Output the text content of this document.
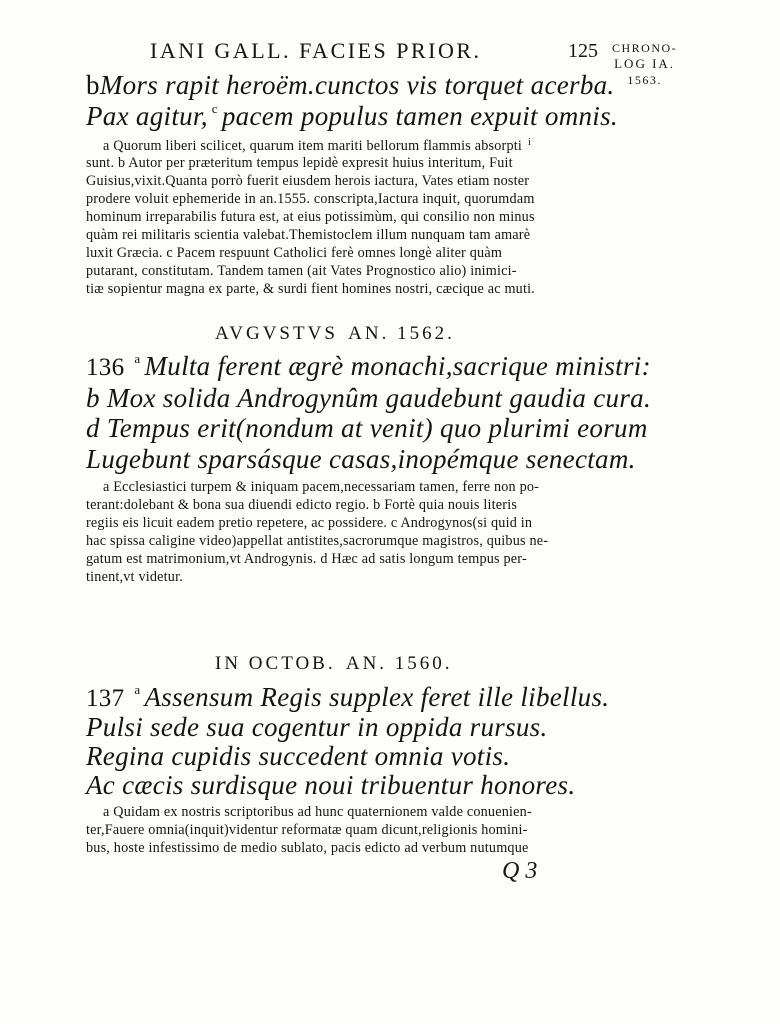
IANI GALL. FACIES PRIOR.	125 CHRONO-
LOG IA.
1563.
bMors rapit heroëm.cunctos vis torquet acerba.
Pax agitur, $^c$ pacem populus tamen expuit omnis.
a Quorum liberi scilicet, quarum item mariti bellorum flammis absorpti $^i$
sunt. b Autor per præteritum tempus lepidè expresit huius interitum, Fuit
Guisius,vixit.Quanta porrò fuerit eiusdem herois iactura, Vates etiam noster
prodere voluit ephemeride in an.1555. conscripta,Iactura inquit, quorumdam
hominum irreparabilis futura est, at eius potissimùm, qui consilio non minus
quàm rei militaris scientia valebat.Themistoclem illum nunquam tam amarè
luxit Græcia. c Pacem respuunt Catholici ferè omnes longè aliter quàm
putarant, constitutam. Tandem tamen (ait Vates Prognostico alio) inimici-
tiæ sopientur magna ex parte, & surdi fient homines nostri, cæcique ac muti.
AVGVSTVS AN. 1562.
136 $^a$ Multa ferent ægrè monachi,sacrique ministri:
b Mox solida Androgynûm gaudebunt gaudia cura.
d Tempus erit(nondum at venit) quo plurimi eorum
Lugebunt sparsásque casas,inopémque senectam.
a Ecclesiastici turpem & iniquam pacem,necessariam tamen, ferre non po-
terant:dolebant & bona sua diuendi edicto regio. b Fortè quia nouis literis
regiis eis licuit eadem pretio repetere, ac possidere. c Androgynos(si quid in
hac spissa caligine video)appellat antistites,sacrorumque magistros, quibus ne-
gatum est matrimonium,vt Androgynis. d Hæc ad satis longum tempus per-
tinent,vt videtur.
IN OCTOB. AN. 1560.
137 $^a$ Assensum Regis supplex feret ille libellus.
Pulsi sede sua cogentur in oppida rursus.
Regina cupidis succedent omnia votis.
Ac cæcis surdisque noui tribuentur honores.
a Quidam ex nostris scriptoribus ad hunc quaternionem valde conuenien-
ter,Fauere omnia(inquit)videntur reformatæ quam dicunt,religionis homini-
bus, hoste infestissimo de medio sublato, pacis edicto ad verbum nutumque
Q 3
